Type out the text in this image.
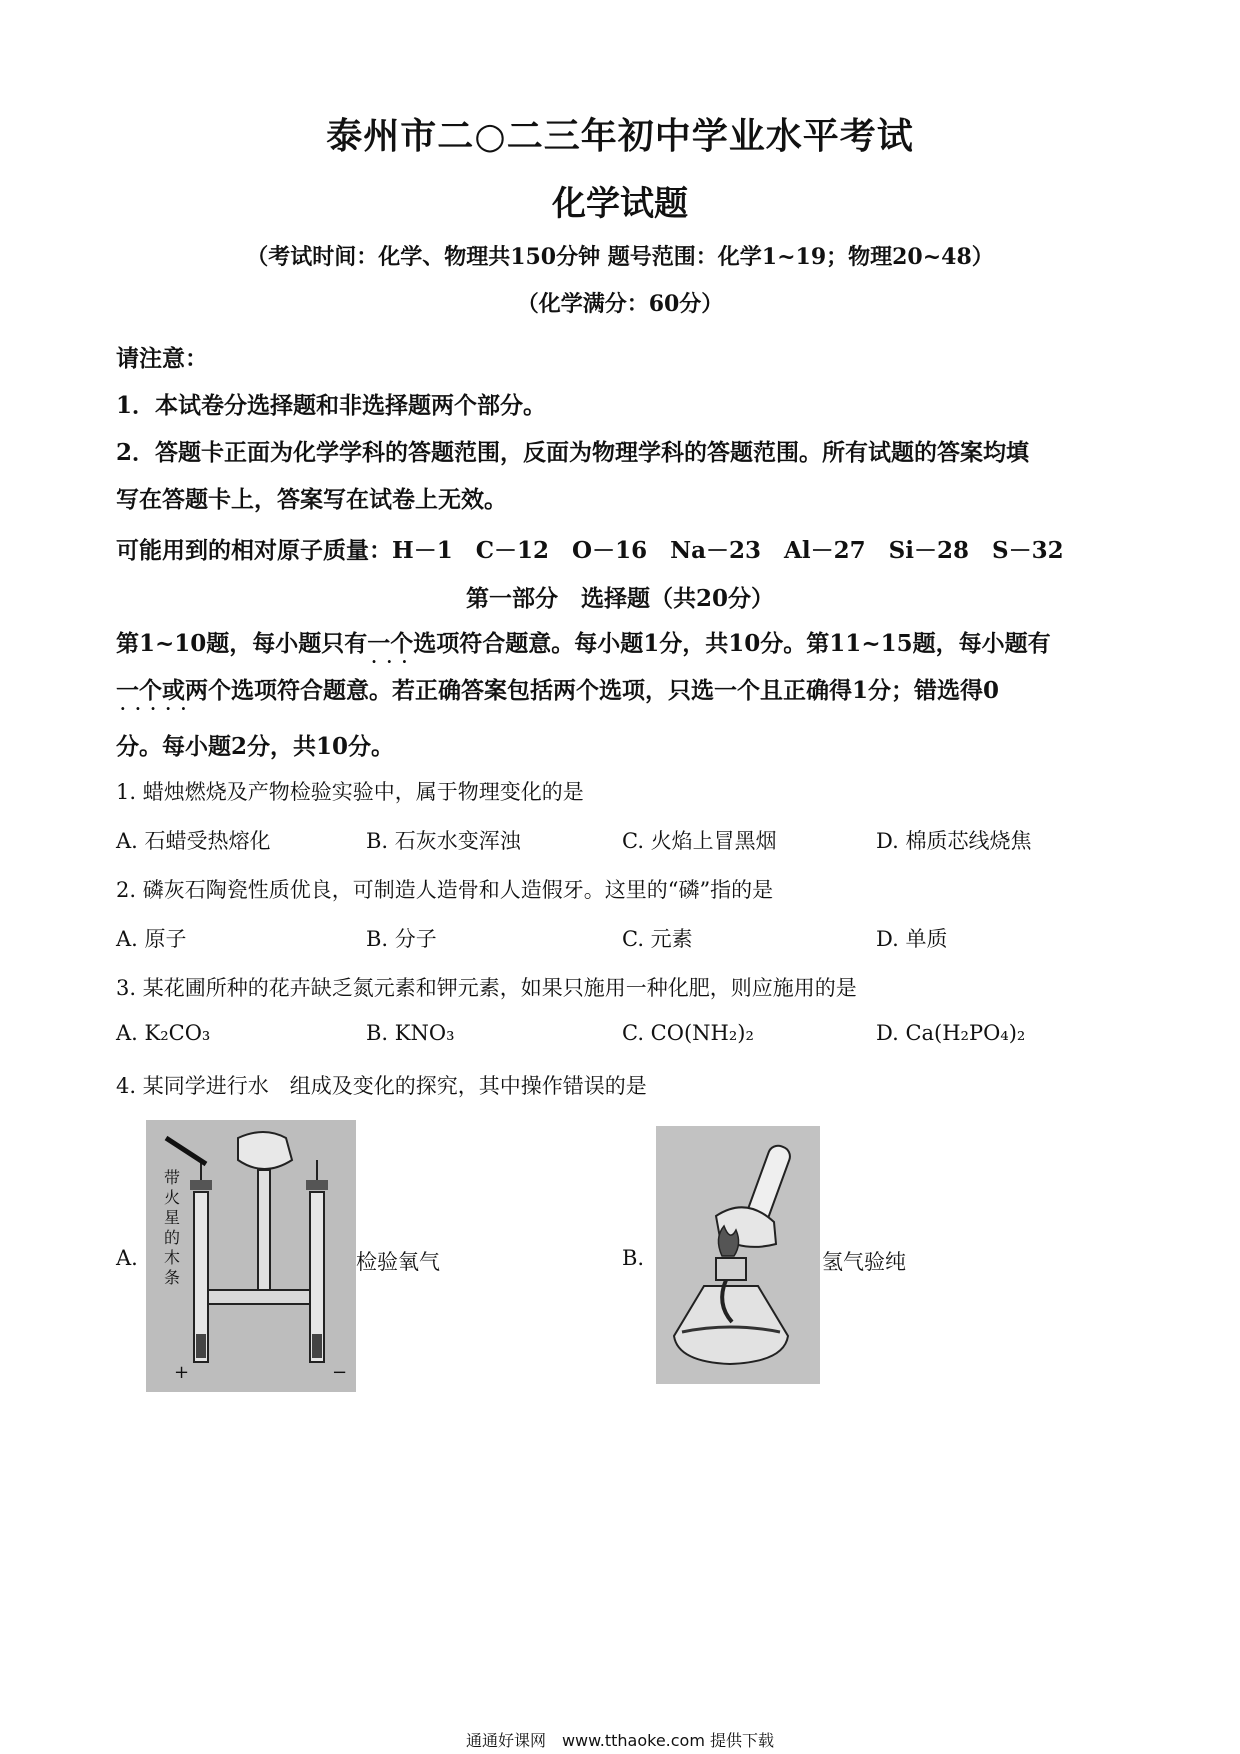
泰州市二○二三年初中学业水平考试
化学试题
（考试时间：化学、物理共150分钟 题号范围：化学1~19；物理20~48）
（化学满分：60分）
请注意：
1．本试卷分选择题和非选择题两个部分。
2．答题卡正面为化学学科的答题范围，反面为物理学科的答题范围。所有试题的答案均填
写在答题卡上，答案写在试卷上无效。
可能用到的相对原子质量：H－1　C－12　O－16　Na－23　Al－27　Si－28　S－32
第一部分　选择题（共20分）
第1~10题，每小题只有一个 · · ·选项符合题意。每小题1分，共10分。第11~15题，每小题有
一个或两个 · · ·选项符合题意。若正确答案包括两个选项，只选一个且正确得1分；错选得0
分。每小题2分，共10分。
1. 蜡烛燃烧及产物检验实验中，属于物理变化的是
A. 石蜡受热熔化	B. 石灰水变浑浊	C. 火焰上冒黑烟	D. 棉质芯线烧焦
2. 磷灰石陶瓷性质优良，可制造人造骨和人造假牙。这里的“磷”指的是
A. 原子	B. 分子	C. 元素	D. 单质
3. 某花圃所种的花卉缺乏氮元素和钾元素，如果只施用一种化肥，则应施用的是
A. K₂CO₃	B. KNO₃	C. CO(NH₂)₂	D. Ca(H₂PO₄)₂
4. 某同学进行水　组成及变化的探究，其中操作错误的是
A.
+	−
带火星的木条
检验氧气	B.	氢气验纯
通通好课网　www.tthaoke.com 提供下载
